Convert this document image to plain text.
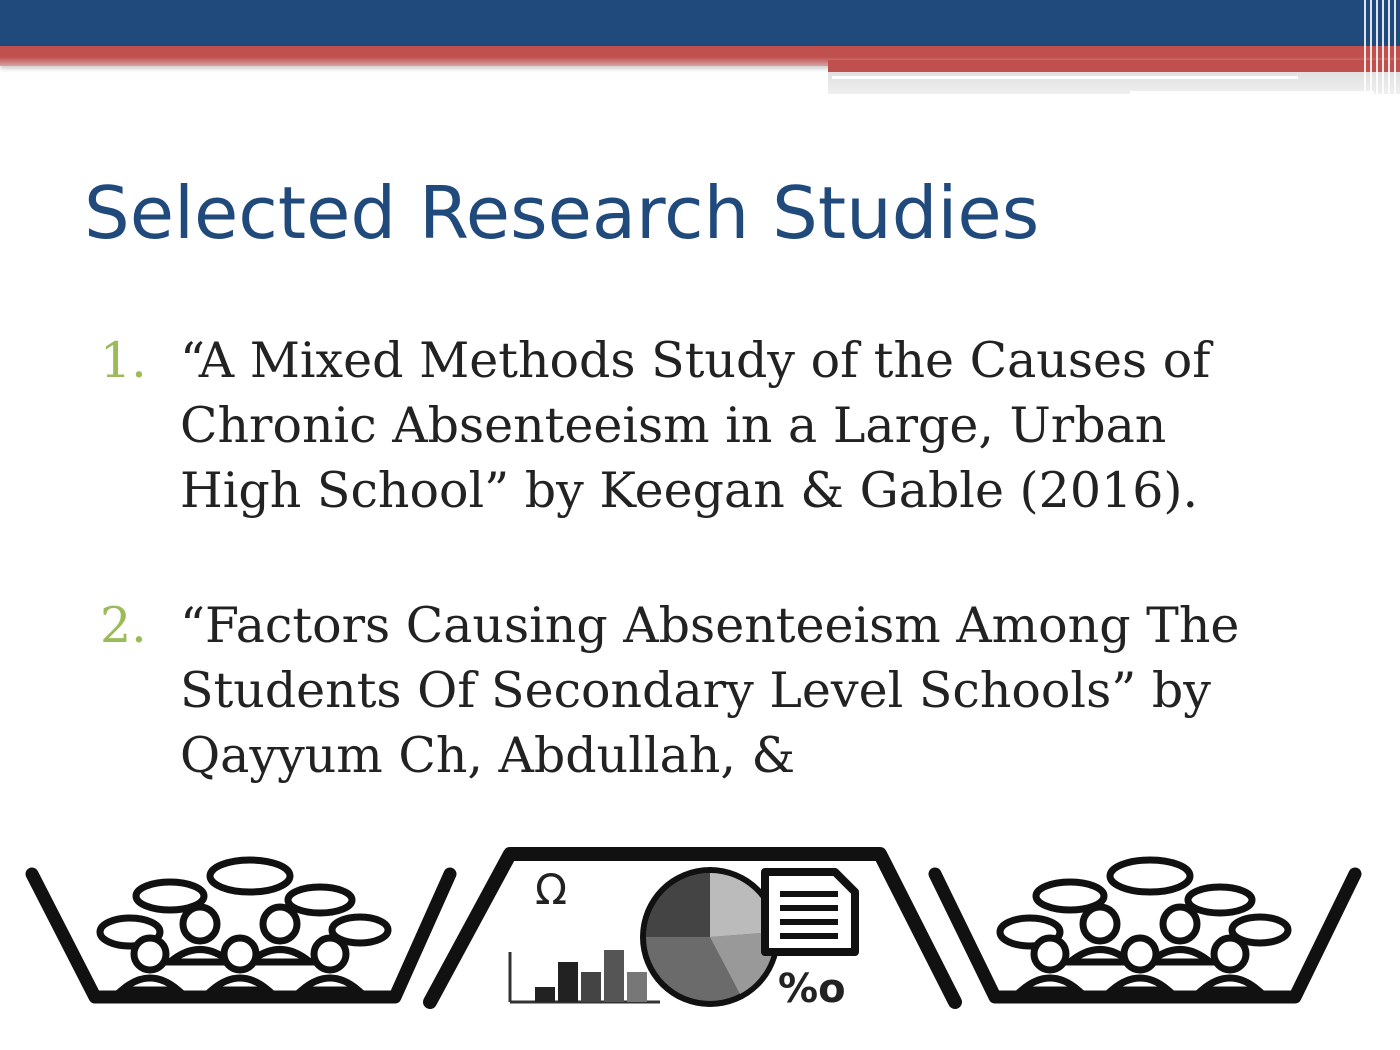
Selected Research Studies
1. “A Mixed Methods Study of the Causes of Chronic Absenteeism in a Large, Urban High School” by Keegan & Gable (2016).
2. “Factors Causing Absenteeism Among The Students Of Secondary Level Schools” by Qayyum Ch, Abdullah, &
Ω
%o
